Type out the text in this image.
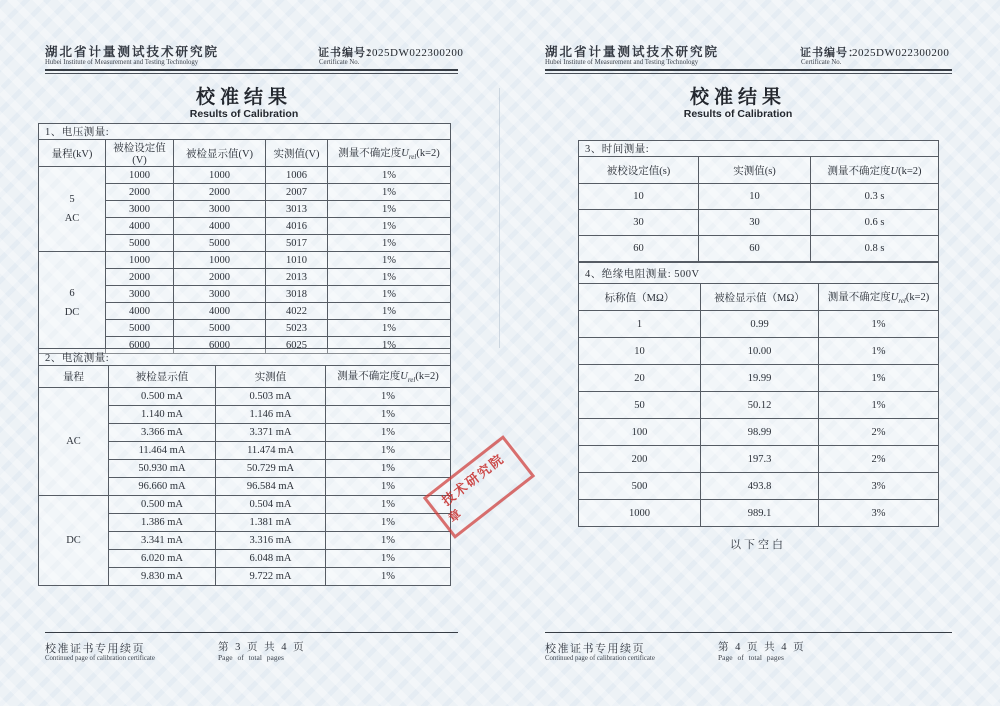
湖北省计量测试技术研究院
Hubei Institute of Measurement and Testing Technology
证书编号：
Certificate No.
2025DW022300200
校准结果
Results of Calibration
1、电压测量:				
量程(kV)	被检设定值(V)	被检显示值(V)	实测值(V)	测量不确定度$U_{rel}(k=2)$

5
AC	1000	1000	1006	1%
	2000	2000	2007	1%
	3000	3000	3013	1%
	4000	4000	4016	1%
	5000	5000	5017	1%

6
DC	1000	1000	1010	1%
	2000	2000	2013	1%
	3000	3000	3018	1%
	4000	4000	4022	1%
	5000	5000	5023	1%
	6000	6000	6025	1%
2、电流测量:			
量程	被检显示值	实测值	测量不确定度$U_{rel}(k=2)$

AC	0.500 mA	0.503 mA	1%
	1.140 mA	1.146 mA	1%
	3.366 mA	3.371 mA	1%
	11.464 mA	11.474 mA	1%
	50.930 mA	50.729 mA	1%
	96.660 mA	96.584 mA	1%

DC	0.500 mA	0.504 mA	1%
	1.386 mA	1.381 mA	1%
	3.341 mA	3.316 mA	1%
	6.020 mA	6.048 mA	1%
	9.830 mA	9.722 mA	1%
技术研究院
章
校准证书专用续页
Continued page of calibration certificate
第 3 页 共 4 页
Page of total pages
湖北省计量测试技术研究院
Hubei Institute of Measurement and Testing Technology
证书编号：
Certificate No.
2025DW022300200
校准结果
Results of Calibration
3、时间测量:		
被校设定值(s)	实测值(s)	测量不确定度U(k=2)
10	10	0.3 s
30	30	0.6 s
60	60	0.8 s
4、绝缘电阻测量: 500V		
标称值（MΩ）	被检显示值（MΩ）	测量不确定度$U_{rel}(k=2)$
1	0.99	1%
10	10.00	1%
20	19.99	1%
50	50.12	1%
100	98.99	2%
200	197.3	2%
500	493.8	3%
1000	989.1	3%
以下空白
校准证书专用续页
Continued page of calibration certificate
第 4 页 共 4 页
Page of total pages
